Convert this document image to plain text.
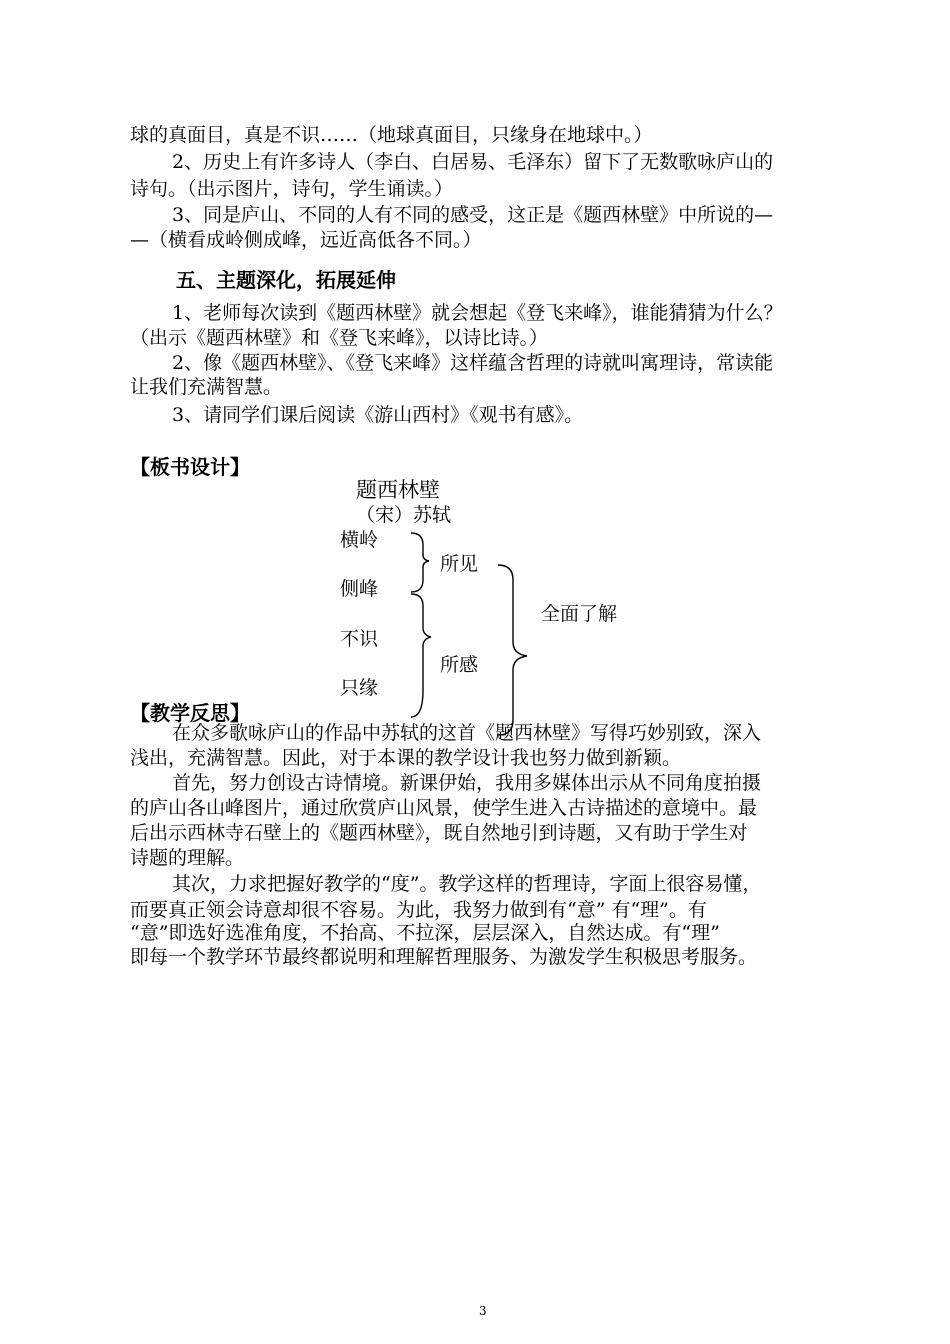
球的真面目，真是不识……（地球真面目，只缘身在地球中。）
2、历史上有许多诗人（李白、白居易、毛泽东）留下了无数歌咏庐山的
诗句。（出示图片，诗句，学生诵读。）
3、同是庐山、不同的人有不同的感受，这正是《题西林壁》中所说的—
—（横看成岭侧成峰，远近高低各不同。）
五、主题深化，拓展延伸
1、老师每次读到《题西林壁》就会想起《登飞来峰》，谁能猜猜为什么？
（出示《题西林壁》和《登飞来峰》，以诗比诗。）
2、像《题西林壁》、《登飞来峰》这样蕴含哲理的诗就叫寓理诗，常读能
让我们充满智慧。
3、请同学们课后阅读《游山西村》《观书有感》。
【板书设计】
题西林壁
（宋）苏轼
横岭
侧峰
不识
只缘
所见
所感
全面了解
【教学反思】
在众多歌咏庐山的作品中苏轼的这首《题西林壁》写得巧妙别致，深入
浅出，充满智慧。因此，对于本课的教学设计我也努力做到新颖。
首先，努力创设古诗情境。新课伊始，我用多媒体出示从不同角度拍摄
的庐山各山峰图片，通过欣赏庐山风景，使学生进入古诗描述的意境中。最
后出示西林寺石壁上的《题西林壁》，既自然地引到诗题，又有助于学生对
诗题的理解。
其次，力求把握好教学的“度”。教学这样的哲理诗，字面上很容易懂，
而要真正领会诗意却很不容易。为此，我努力做到有“意” 有“理”。有
“意”即选好选准角度，不抬高、不拉深，层层深入，自然达成。有“理”
即每一个教学环节最终都说明和理解哲理服务、为激发学生积极思考服务。
3
